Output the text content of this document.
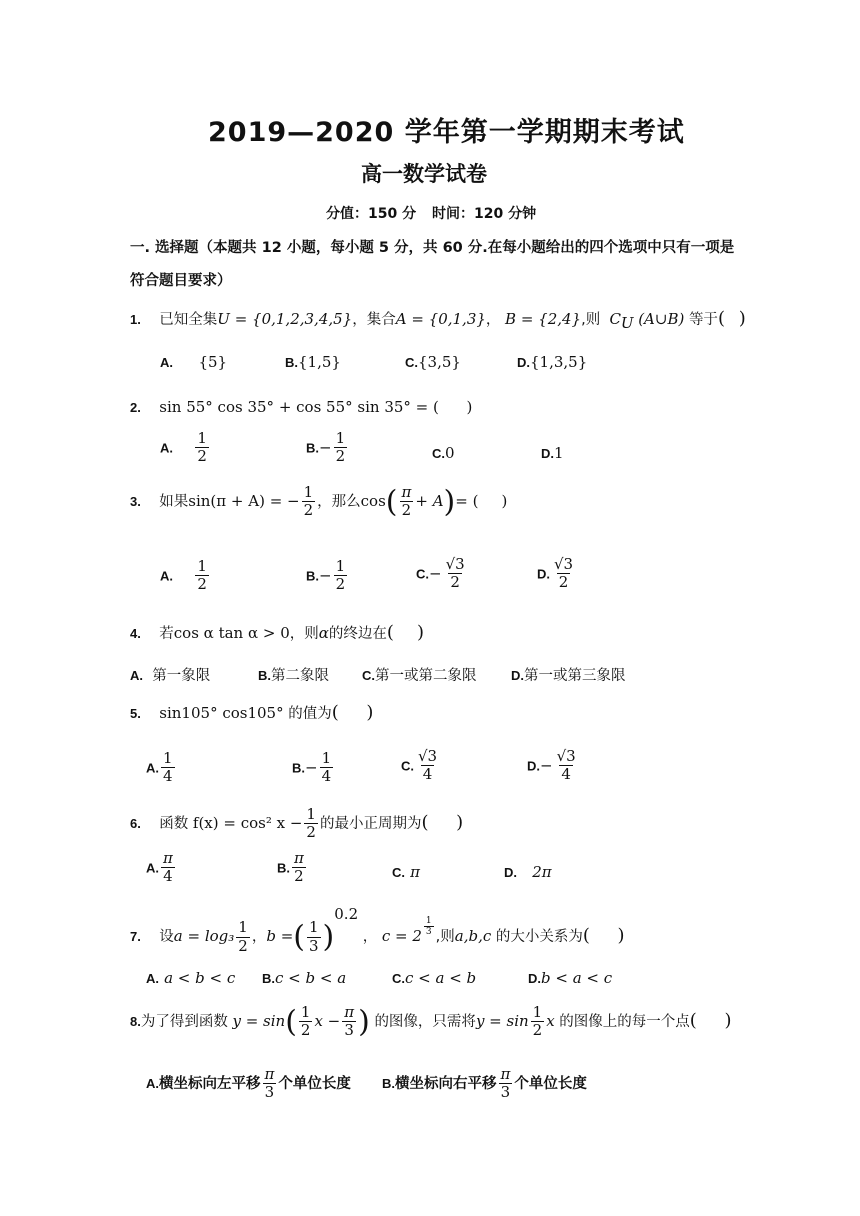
2019—2020 学年第一学期期末考试
高一数学试卷
分值：150 分 时间：120 分钟
一. 选择题（本题共 12 小题，每小题 5 分，共 60 分.在每小题给出的四个选项中只有一项是
符合题目要求）
1. 已知全集U = {0,1,2,3,4,5}，集合A = {0,1,3}， B = {2,4},则 $C_U$ (A∪B) 等于( )
A. {5}	B.{1,5}	C.{3,5}	D.{1,3,5}
2. sin 55° cos 35° + cos 55° sin 35° = ( )
A. $\frac{1}{2}$	$B.- \frac{1}{2}$	C.0	D.1
3. 如果sin(π + A) = − $\frac{1}{2}$ ，那么$\cos( \frac{\pi}{2} + A)=$ ( )
A. $\frac{1}{2}$	$B.- \frac{1}{2}$	$C.- \frac{√3}{2}$	D. $\frac{√3}{2}$
4. 若cos α tan α > 0，则α的终边在( )
A. 第一象限	B.第二象限	C.第一或第二象限	D.第一或第三象限
5. sin105° cos105° 的值为( )
A. $\frac{1}{4}$	$B.- \frac{1}{4}$	C. $\frac{√3}{4}$	$D.- \frac{√3}{4}$
6. 函数 f(x) = cos² $x - \frac{1}{2}$ 的最小正周期为( )
A. $\frac{\pi}{4}$	B. $\frac{\pi}{2}$	C. π	D. 2π
7. 设$a = \log_3 \frac{1}{2}$ ，b =( $\frac{1}{3} )^{0.2}$ ， $c = 2 \frac{1}{3}$ ,则a,b,c 的大小关系为( )
A. a < b < c B.c < b < a	C.c < a < b	D.b < a < c
8.为了得到函数 $y = \sin( \frac{1}{2}$ $x - \frac{\pi}{3}$ ) 的图像，只需将$y = \sin \frac{1}{2}$ x 的图像上的每一个点( )
A.横坐标向左平移 $\frac{\pi}{3}$ 个单位长度 B.横坐标向右平移 $\frac{\pi}{3}$ 个单位长度
